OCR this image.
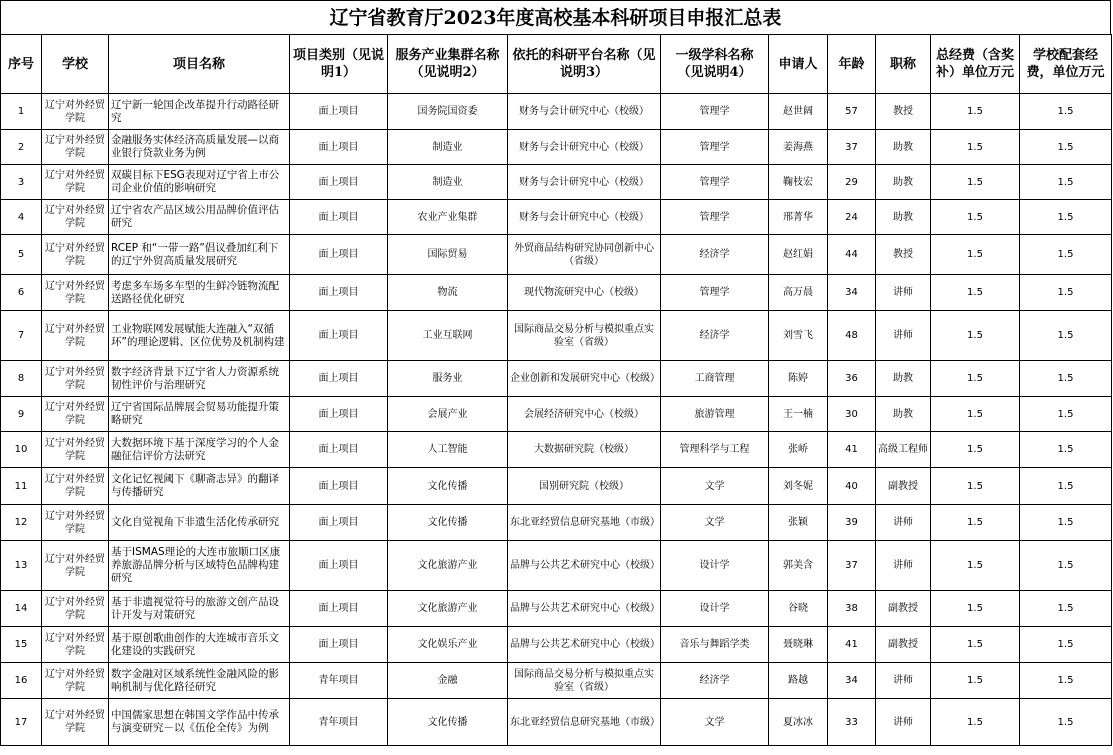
辽宁省教育厅2023年度高校基本科研项目申报汇总表
序号	学校	项目名称	项目类别（见说明1）	服务产业集群名称（见说明2）	依托的科研平台名称（见说明3）	一级学科名称（见说明4）	申请人	年龄	职称	总经费（含奖补）单位万元	学校配套经费，单位万元
1	辽宁对外经贸学院	辽宁新一轮国企改革提升行动路径研究	面上项目	国务院国资委	财务与会计研究中心（校级）	管理学	赵世阔	57	教授	1.5	1.5
2	辽宁对外经贸学院	金融服务实体经济高质量发展—以商业银行贷款业务为例	面上项目	制造业	财务与会计研究中心（校级）	管理学	姜海燕	37	助教	1.5	1.5
3	辽宁对外经贸学院	双碳目标下ESG表现对辽宁省上市公司企业价值的影响研究	面上项目	制造业	财务与会计研究中心（校级）	管理学	鞠枝宏	29	助教	1.5	1.5
4	辽宁对外经贸学院	辽宁省农产品区域公用品牌价值评估研究	面上项目	农业产业集群	财务与会计研究中心（校级）	管理学	邢菁华	24	助教	1.5	1.5
5	辽宁对外经贸学院	RCEP 和“一带一路”倡议叠加红利下的辽宁外贸高质量发展研究	面上项目	国际贸易	外贸商品结构研究协同创新中心（省级）	经济学	赵红娟	44	教授	1.5	1.5
6	辽宁对外经贸学院	考虑多车场多车型的生鲜冷链物流配送路径优化研究	面上项目	物流	现代物流研究中心（校级）	管理学	高万晨	34	讲师	1.5	1.5
7	辽宁对外经贸学院	工业物联网发展赋能大连融入“双循环”的理论逻辑、区位优势及机制构建	面上项目	工业互联网	国际商品交易分析与模拟重点实验室（省级）	经济学	刘雪飞	48	讲师	1.5	1.5
8	辽宁对外经贸学院	数字经济背景下辽宁省人力资源系统韧性评价与治理研究	面上项目	服务业	企业创新和发展研究中心（校级）	工商管理	陈婷	36	助教	1.5	1.5
9	辽宁对外经贸学院	辽宁省国际品牌展会贸易功能提升策略研究	面上项目	会展产业	会展经济研究中心（校级）	旅游管理	王一楠	30	助教	1.5	1.5
10	辽宁对外经贸学院	大数据环境下基于深度学习的个人金融征信评价方法研究	面上项目	人工智能	大数据研究院（校级）	管理科学与工程	张峤	41	高级工程师	1.5	1.5
11	辽宁对外经贸学院	文化记忆视阈下《聊斋志异》的翻译与传播研究	面上项目	文化传播	国别研究院（校级）	文学	刘冬妮	40	副教授	1.5	1.5
12	辽宁对外经贸学院	文化自觉视角下非遗生活化传承研究	面上项目	文化传播	东北亚经贸信息研究基地（市级）	文学	张颖	39	讲师	1.5	1.5
13	辽宁对外经贸学院	基于ISMAS理论的大连市旅顺口区康养旅游品牌分析与区域特色品牌构建研究	面上项目	文化旅游产业	品牌与公共艺术研究中心（校级）	设计学	郭美含	37	讲师	1.5	1.5
14	辽宁对外经贸学院	基于非遗视觉符号的旅游文创产品设计开发与对策研究	面上项目	文化旅游产业	品牌与公共艺术研究中心（校级）	设计学	谷晓	38	副教授	1.5	1.5
15	辽宁对外经贸学院	基于原创歌曲创作的大连城市音乐文化建设的实践研究	面上项目	文化娱乐产业	品牌与公共艺术研究中心（校级）	音乐与舞蹈学类	聂晓琳	41	副教授	1.5	1.5
16	辽宁对外经贸学院	数字金融对区域系统性金融风险的影响机制与优化路径研究	青年项目	金融	国际商品交易分析与模拟重点实验室（省级）	经济学	路越	34	讲师	1.5	1.5
17	辽宁对外经贸学院	中国儒家思想在韩国文学作品中传承与演变研究－以《伍伦全传》为例	青年项目	文化传播	东北亚经贸信息研究基地（市级）	文学	夏冰冰	33	讲师	1.5	1.5
